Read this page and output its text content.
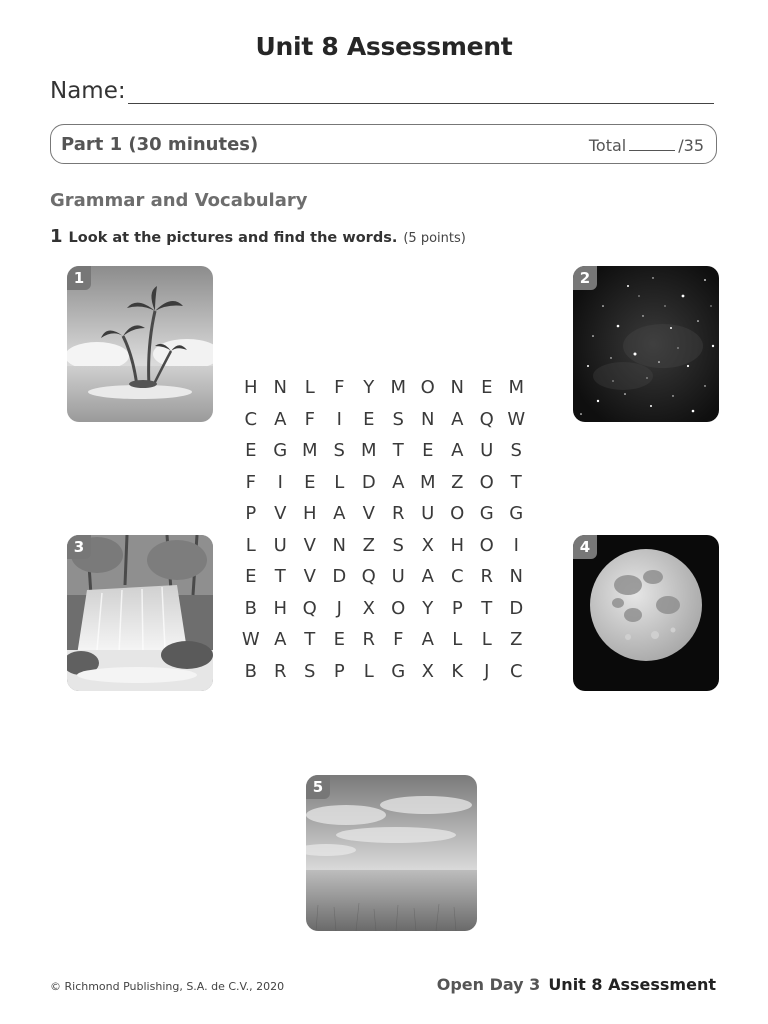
Unit 8 Assessment
Name:
Part 1 (30 minutes)	Total	/35
Grammar and Vocabulary
1 Look at the pictures and find the words. (5 points)
1	2
3	4
5
H N L	F	Y M O N E M
C A	F	I	E	S N A Q W
E G M S M T	E A U S
F	I	E	L D A M Z O T
P V H A V R U O G G
L U V N Z S X H O	I
E	T V D Q U A C R N
B H Q	J	X O Y	P	T D
W A T	E R	F	A	L	L	Z
B R S	P	L G X K	J	C
© Richmond Publishing, S.A. de C.V., 2020	Open Day 3 Unit 8 Assessment
